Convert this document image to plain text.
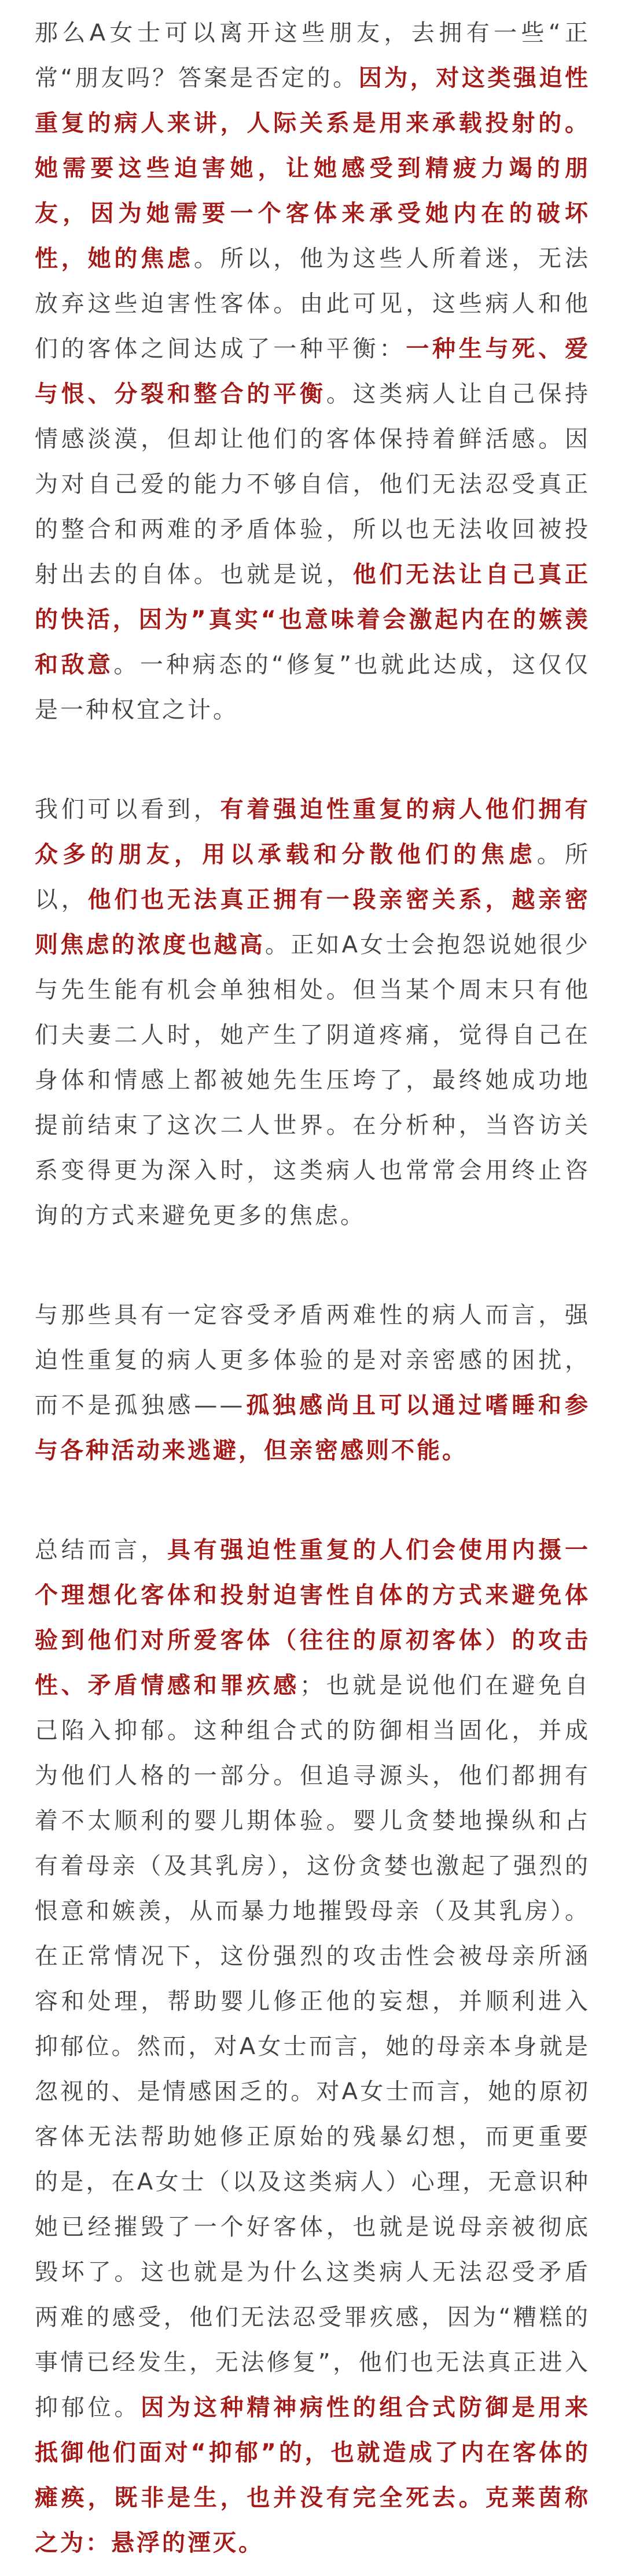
那么A女士可以离开这些朋友，去拥有一些“正常“朋友吗？答案是否定的。因为，对这类强迫性重复的病人来讲，人际关系是用来承载投射的。她需要这些迫害她，让她感受到精疲力竭的朋友，因为她需要一个客体来承受她内在的破坏性，她的焦虑。所以，他为这些人所着迷，无法放弃这些迫害性客体。由此可见，这些病人和他们的客体之间达成了一种平衡：一种生与死、爱与恨、分裂和整合的平衡。这类病人让自己保持情感淡漠，但却让他们的客体保持着鲜活感。因为对自己爱的能力不够自信，他们无法忍受真正的整合和两难的矛盾体验，所以也无法收回被投射出去的自体。也就是说，他们无法让自己真正的快活，因为”真实“也意味着会激起内在的嫉羡和敌意。一种病态的“修复”也就此达成，这仅仅是一种权宜之计。

我们可以看到，有着强迫性重复的病人他们拥有众多的朋友，用以承载和分散他们的焦虑。所以，他们也无法真正拥有一段亲密关系，越亲密则焦虑的浓度也越高。正如A女士会抱怨说她很少与先生能有机会单独相处。但当某个周末只有他们夫妻二人时，她产生了阴道疼痛，觉得自己在身体和情感上都被她先生压垮了，最终她成功地提前结束了这次二人世界。在分析种，当咨访关系变得更为深入时，这类病人也常常会用终止咨询的方式来避免更多的焦虑。

与那些具有一定容受矛盾两难性的病人而言，强迫性重复的病人更多体验的是对亲密感的困扰，而不是孤独感——孤独感尚且可以通过嗜睡和参与各种活动来逃避，但亲密感则不能。

总结而言，具有强迫性重复的人们会使用内摄一个理想化客体和投射迫害性自体的方式来避免体验到他们对所爱客体（往往的原初客体）的攻击性、矛盾情感和罪疚感；也就是说他们在避免自己陷入抑郁。这种组合式的防御相当固化，并成为他们人格的一部分。但追寻源头，他们都拥有着不太顺利的婴儿期体验。婴儿贪婪地操纵和占有着母亲（及其乳房），这份贪婪也激起了强烈的恨意和嫉羡，从而暴力地摧毁母亲（及其乳房）。在正常情况下，这份强烈的攻击性会被母亲所涵容和处理，帮助婴儿修正他的妄想，并顺利进入抑郁位。然而，对A女士而言，她的母亲本身就是忽视的、是情感困乏的。对A女士而言，她的原初客体无法帮助她修正原始的残暴幻想，而更重要的是，在A女士（以及这类病人）心理，无意识种她已经摧毁了一个好客体，也就是说母亲被彻底毁坏了。这也就是为什么这类病人无法忍受矛盾两难的感受，他们无法忍受罪疚感，因为“糟糕的事情已经发生，无法修复”，他们也无法真正进入抑郁位。因为这种精神病性的组合式防御是用来抵御他们面对“抑郁”的，也就造成了内在客体的瘫痪，既非是生，也并没有完全死去。克莱茵称之为：悬浮的湮灭。
